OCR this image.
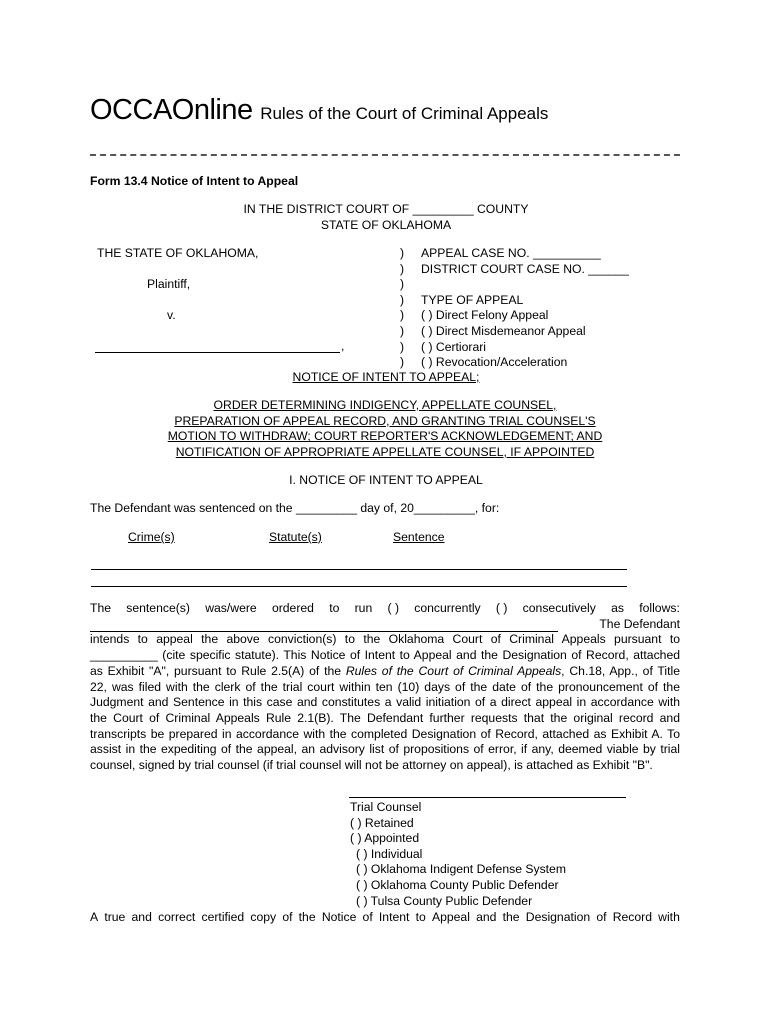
OCCAOnline Rules of the Court of Criminal Appeals
Form 13.4 Notice of Intent to Appeal
IN THE DISTRICT COURT OF _________ COUNTY
STATE OF OKLAHOMA
THE STATE OF OKLAHOMA,
Plaintiff,
v.
,
)
)
)
)
)
)
)
)
APPEAL CASE NO. __________
DISTRICT COURT CASE NO. ______
TYPE OF APPEAL
( ) Direct Felony Appeal
( ) Direct Misdemeanor Appeal
( ) Certiorari
( ) Revocation/Acceleration
NOTICE OF INTENT TO APPEAL;
ORDER DETERMINING INDIGENCY, APPELLATE COUNSEL,
PREPARATION OF APPEAL RECORD, AND GRANTING TRIAL COUNSEL'S
MOTION TO WITHDRAW; COURT REPORTER'S ACKNOWLEDGEMENT; AND
NOTIFICATION OF APPROPRIATE APPELLATE COUNSEL, IF APPOINTED
I. NOTICE OF INTENT TO APPEAL
The Defendant was sentenced on the _________ day of, 20_________, for:
Crime(s)	Statute(s)	Sentence
The sentence(s) was/were ordered to run ( ) concurrently ( ) consecutively as follows:
The Defendant
intends to appeal the above conviction(s) to the Oklahoma Court of Criminal Appeals pursuant to
__________ (cite specific statute). This Notice of Intent to Appeal and the Designation of Record, attached
as Exhibit "A", pursuant to Rule 2.5(A) of the Rules of the Court of Criminal Appeals, Ch.18, App., of Title
22, was filed with the clerk of the trial court within ten (10) days of the date of the pronouncement of the
Judgment and Sentence in this case and constitutes a valid initiation of a direct appeal in accordance with
the Court of Criminal Appeals Rule 2.1(B). The Defendant further requests that the original record and
transcripts be prepared in accordance with the completed Designation of Record, attached as Exhibit A. To
assist in the expediting of the appeal, an advisory list of propositions of error, if any, deemed viable by trial
counsel, signed by trial counsel (if trial counsel will not be attorney on appeal), is attached as Exhibit "B".
Trial Counsel
( ) Retained
( ) Appointed
( ) Individual
( ) Oklahoma Indigent Defense System
( ) Oklahoma County Public Defender
( ) Tulsa County Public Defender
A true and correct certified copy of the Notice of Intent to Appeal and the Designation of Record with
